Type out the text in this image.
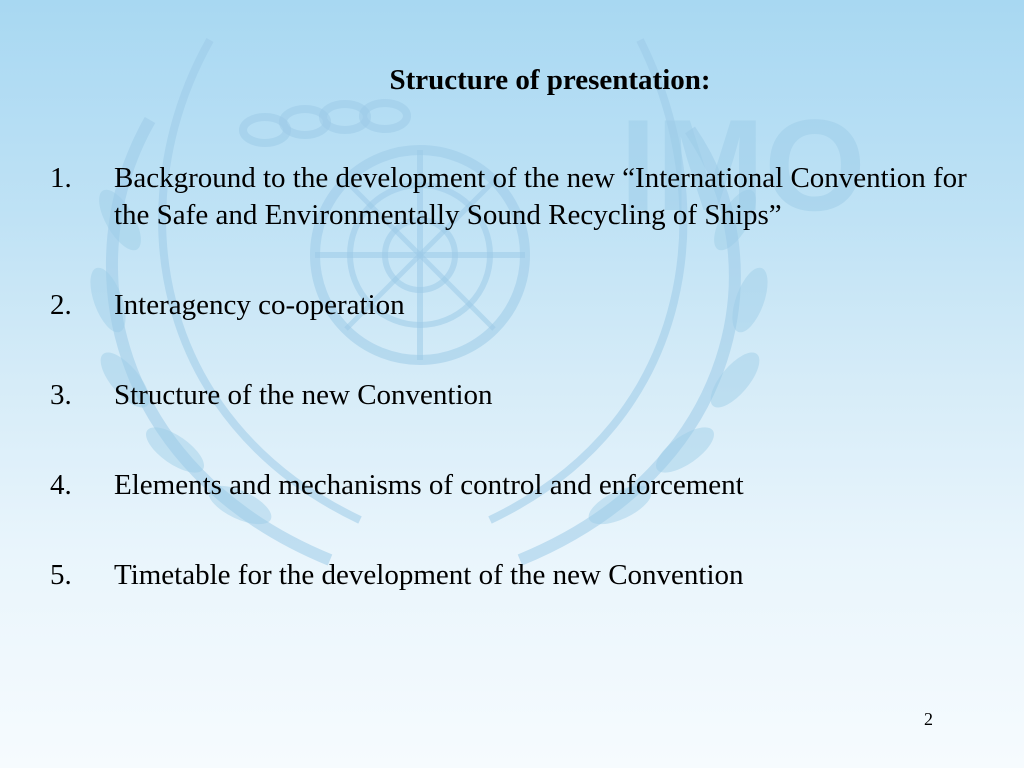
IMO
Structure of presentation:
1.	Background to the development of the new “International Convention for the Safe and Environmentally Sound Recycling of Ships”
2.	Interagency co-operation
3.	Structure of the new Convention
4.	Elements and mechanisms of control and enforcement
5.	Timetable for the development of the new Convention
2
